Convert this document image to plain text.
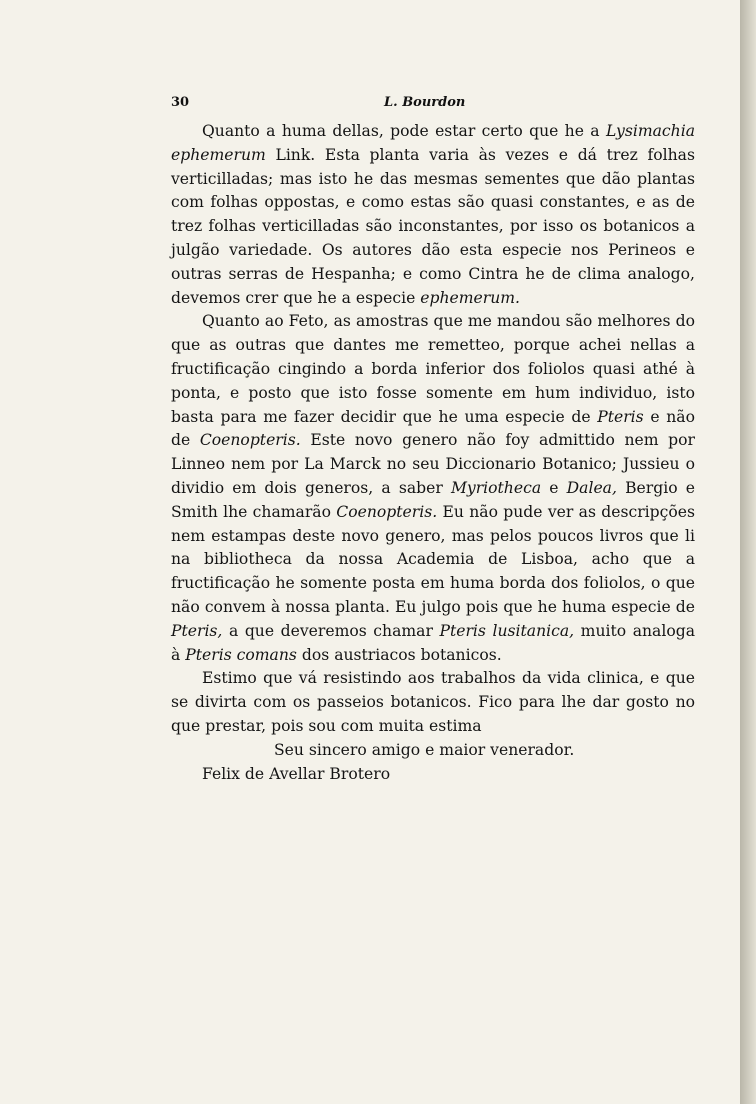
30	L. Bourdon

Quanto a huma dellas, pode estar certo que he a Lysimachia ephemerum Link. Esta planta varia às vezes e dá trez folhas verticilladas; mas isto he das mesmas sementes que dão plantas com folhas oppostas, e como estas são quasi constantes, e as de trez folhas verticilladas são inconstantes, por isso os botanicos a julgão variedade. Os autores dão esta especie nos Perineos e outras serras de Hespanha; e como Cintra he de clima analogo, devemos crer que he a especie ephemerum.

Quanto ao Feto, as amostras que me mandou são melhores do que as outras que dantes me remetteo, porque achei nellas a fructificação cingindo a borda inferior dos foliolos quasi athé à ponta, e posto que isto fosse somente em hum individuo, isto basta para me fazer decidir que he uma especie de Pteris e não de Coenopteris. Este novo genero não foy admittido nem por Linneo nem por La Marck no seu Diccionario Botanico; Jussieu o dividio em dois generos, a saber Myriotheca e Dalea, Bergio e Smith lhe chamarão Coenopteris. Eu não pude ver as descripções nem estampas deste novo genero, mas pelos poucos livros que li na bibliotheca da nossa Academia de Lisboa, acho que a fructificação he somente posta em huma borda dos foliolos, o que não convem à nossa planta. Eu julgo pois que he huma especie de Pteris, a que deveremos chamar Pteris lusitanica, muito analoga à Pteris comans dos austriacos botanicos.

Estimo que vá resistindo aos trabalhos da vida clinica, e que se divirta com os passeios botanicos. Fico para lhe dar gosto no que prestar, pois sou com muita estima

Seu sincero amigo e maior venerador.

Felix de Avellar Brotero
